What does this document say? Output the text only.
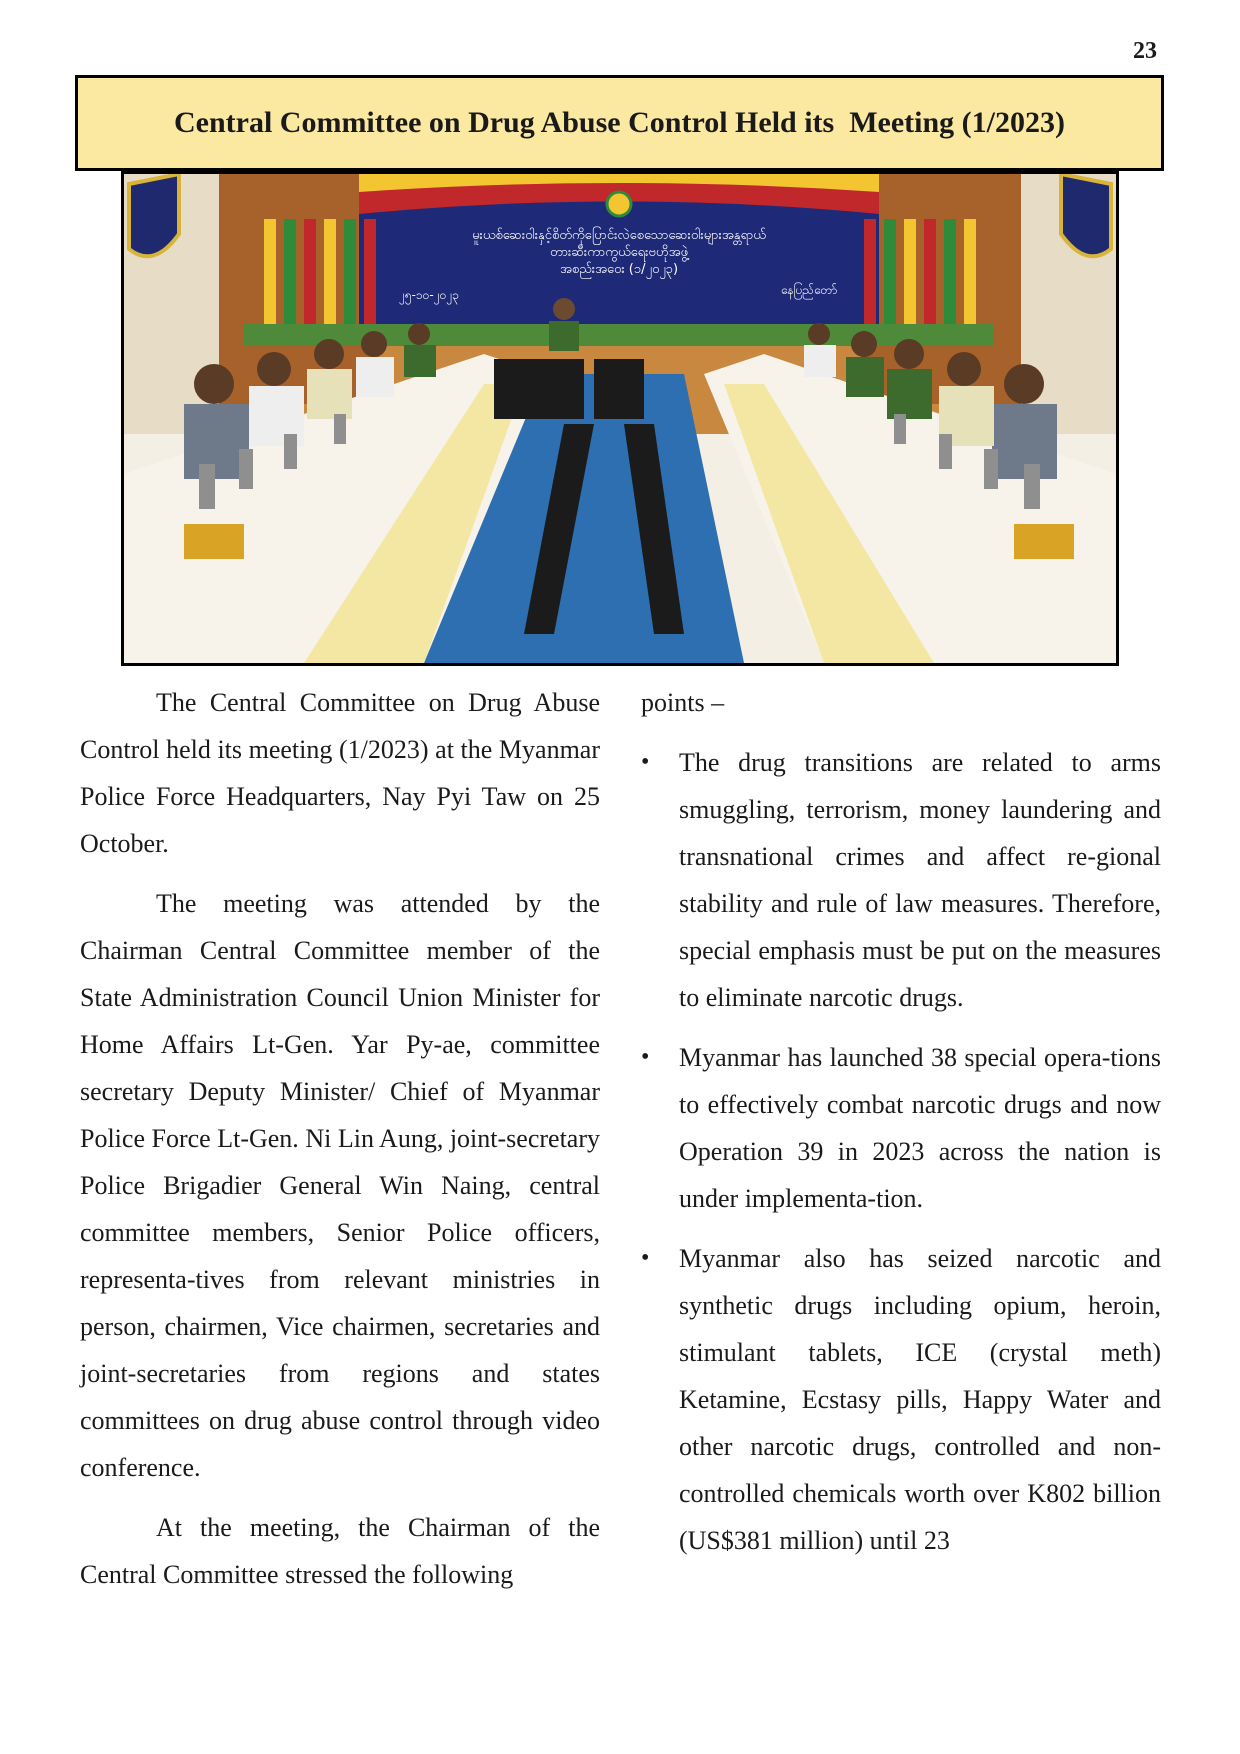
23
Central Committee on Drug Abuse Control Held its  Meeting (1/2023)
မူးယစ်ဆေးဝါးနှင့်စိတ်ကိုပြောင်းလဲစေသောဆေးဝါးများအန္တရာယ်
တားဆီးကာကွယ်ရေးဗဟိုအဖွဲ့
အစည်းအဝေး (၁/၂၀၂၃)
၂၅-၁၀-၂၀၂၃	နေပြည်တော်

The Central Committee on Drug Abuse Control held its meeting (1/2023) at the Myanmar Police Force Headquarters, Nay Pyi Taw on 25 October.

The meeting was attended by the Chairman Central Committee member of the State Administration Council Union Minister for Home Affairs Lt-Gen. Yar Py-ae, committee secretary Deputy Minister/ Chief of Myanmar Police Force Lt-Gen. Ni Lin Aung, joint-secretary Police Brigadier General Win Naing, central committee members, Senior Police officers, representa-tives from relevant ministries in person, chairmen, Vice chairmen, secretaries and joint-secretaries from regions and states committees on drug abuse control through video conference.

At the meeting, the Chairman of the Central Committee stressed the following

points –

• The drug transitions are related to arms smuggling, terrorism, money laundering and transnational crimes and affect re-gional stability and rule of law measures. Therefore, special emphasis must be put on the measures to eliminate narcotic drugs.
• Myanmar has launched 38 special opera-tions to effectively combat narcotic drugs and now Operation 39 in 2023 across the nation is under implementa-tion.
• Myanmar also has seized narcotic and synthetic drugs including opium, heroin, stimulant tablets, ICE (crystal meth) Ketamine, Ecstasy pills, Happy Water and other narcotic drugs, controlled and non-controlled chemicals worth over K802 billion (US$381 million) until 23
